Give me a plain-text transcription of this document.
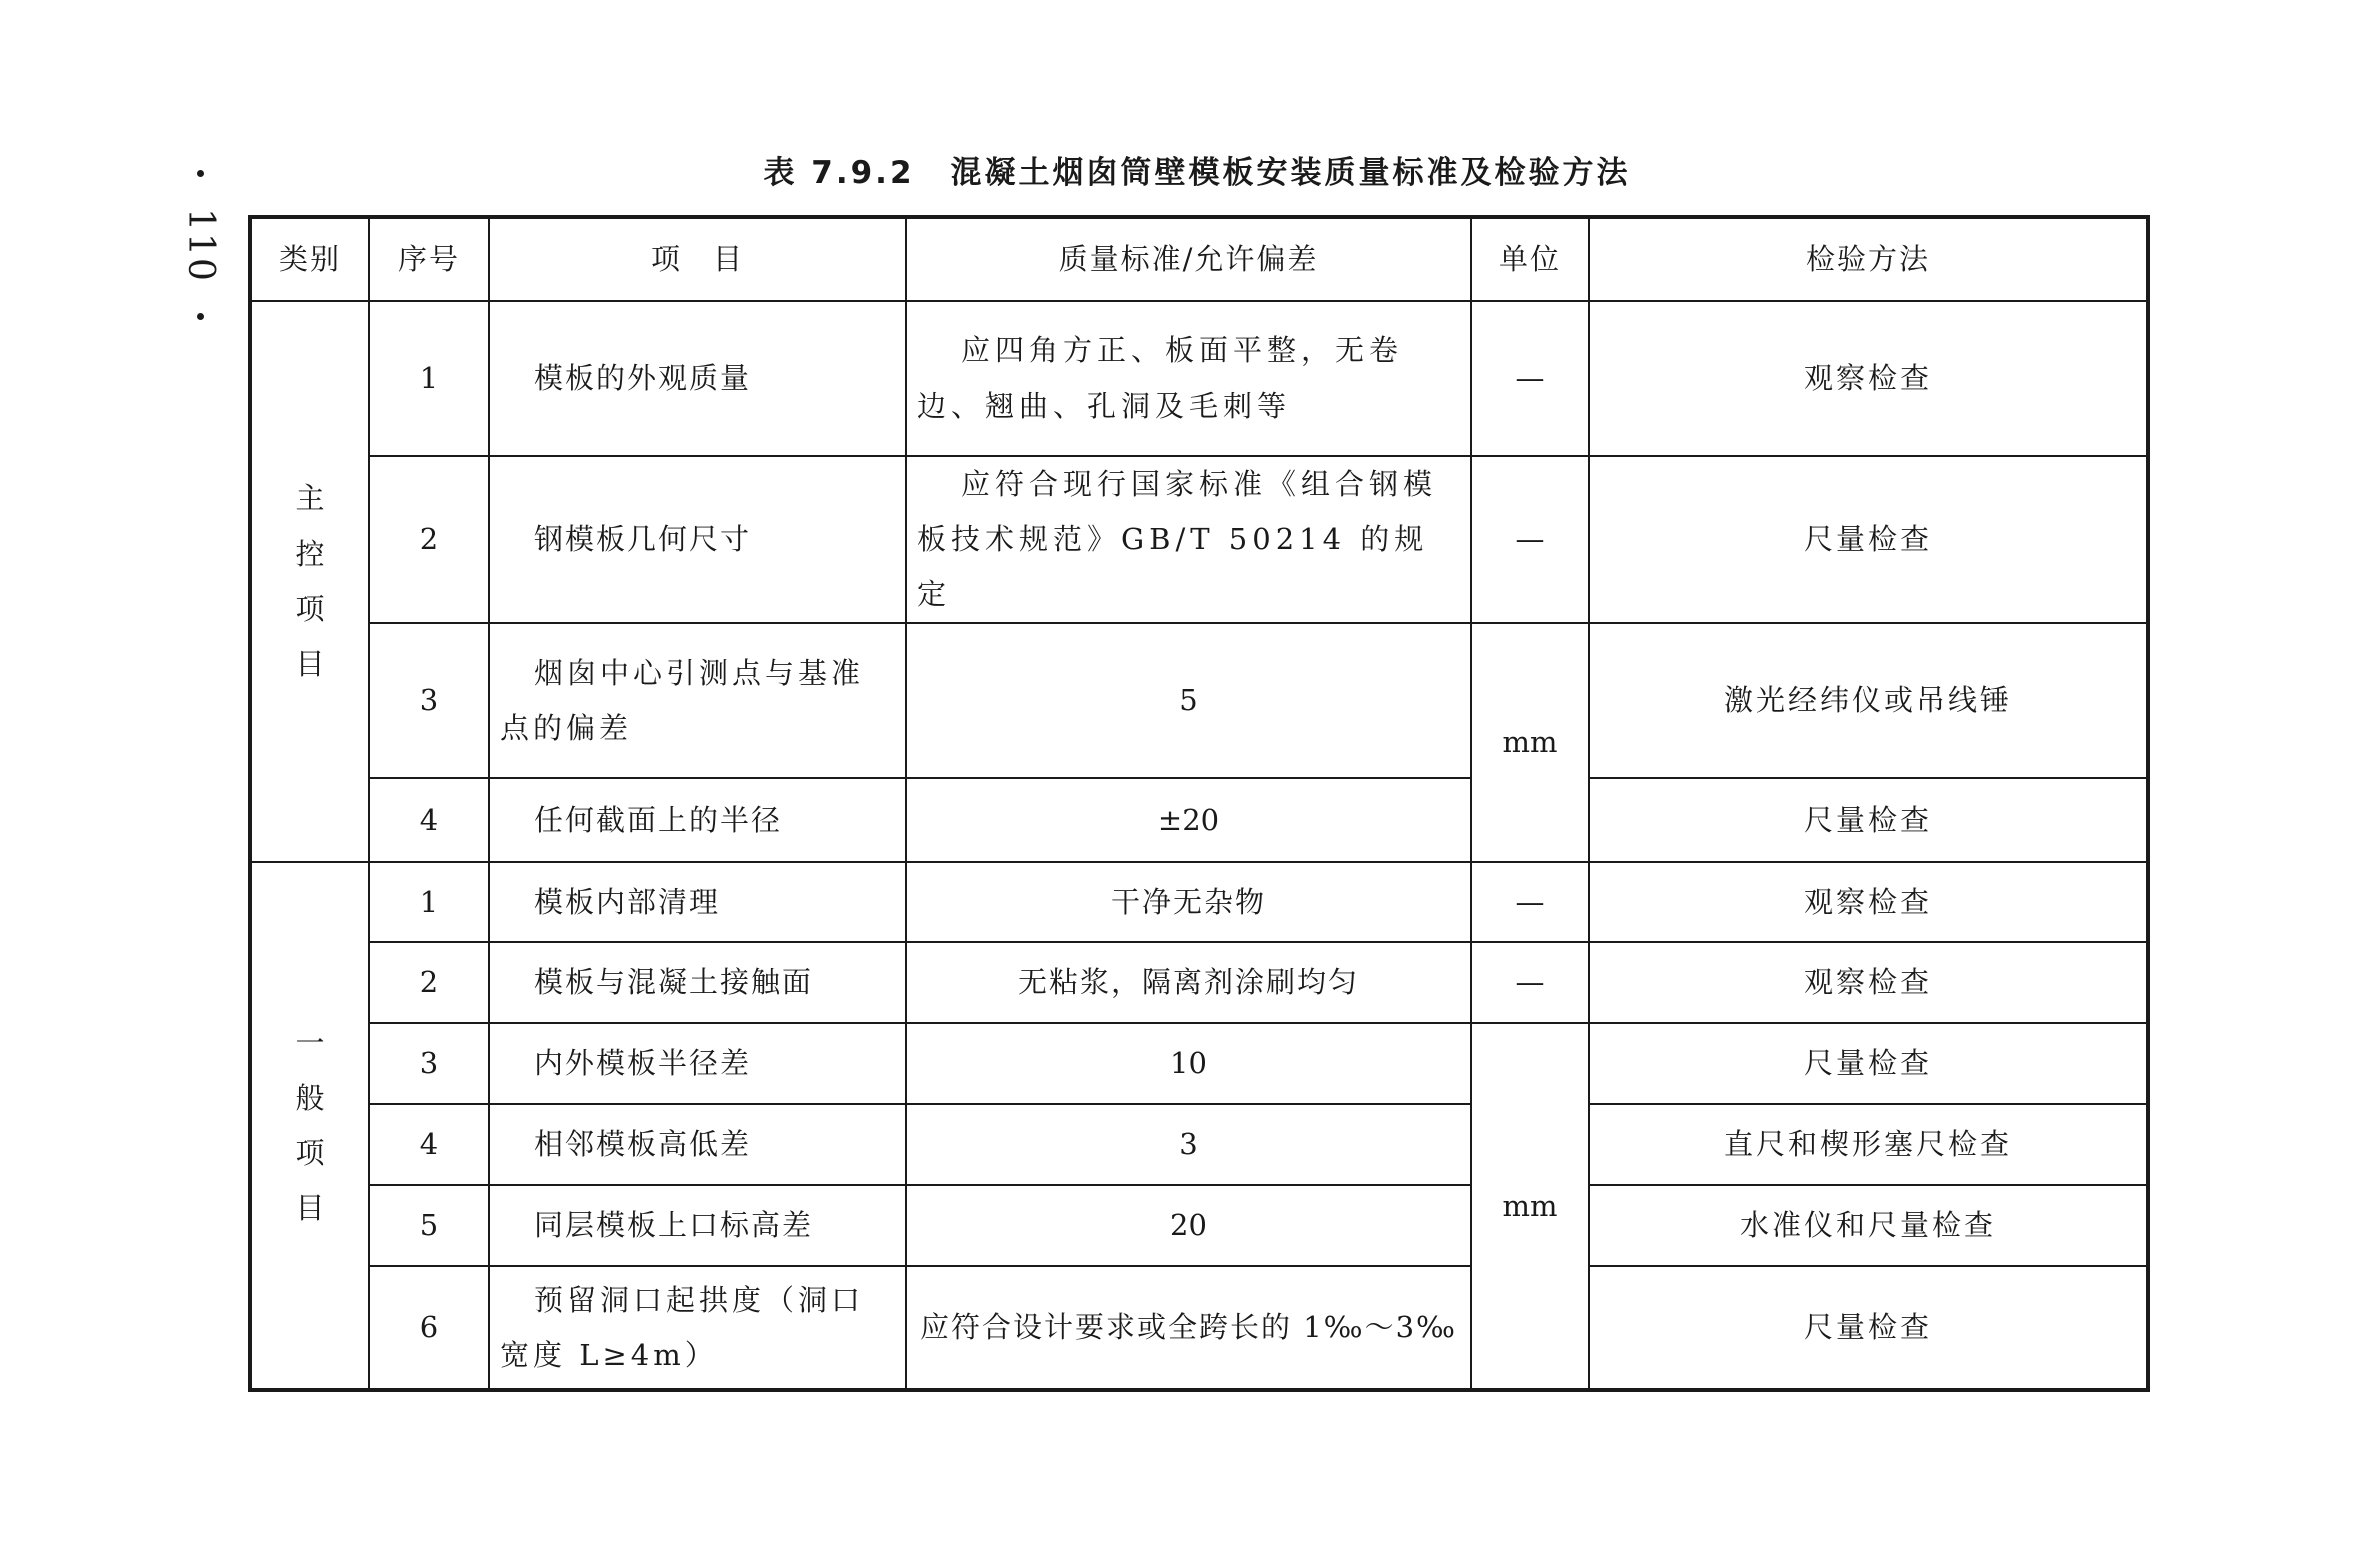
110
表 7.9.2 混凝土烟囱筒壁模板安装质量标准及检验方法
类别	序号	项　目	质量标准/允许偏差	单位	检验方法

主
控
项
目	1	模板的外观质量	应四角方正、板面平整，无卷边、翘曲、孔洞及毛刺等	—	观察检查
	2	钢模板几何尺寸	应符合现行国家标准《组合钢模板技术规范》GB/T 50214 的规定	—	尺量检查
	3	烟囱中心引测点与基准点的偏差	5	mm	激光经纬仪或吊线锤
	4	任何截面上的半径	±20		尺量检查

一
般
项
目	1	模板内部清理	干净无杂物	—	观察检查
	2	模板与混凝土接触面	无粘浆，隔离剂涂刷均匀	—	观察检查
	3	内外模板半径差	10	mm	尺量检查
	4	相邻模板高低差	3		直尺和楔形塞尺检查
	5	同层模板上口标高差	20		水准仪和尺量检查
	6	预留洞口起拱度（洞口宽度 L≥4m）	应符合设计要求或全跨长的 1‰～3‰		尺量检查
